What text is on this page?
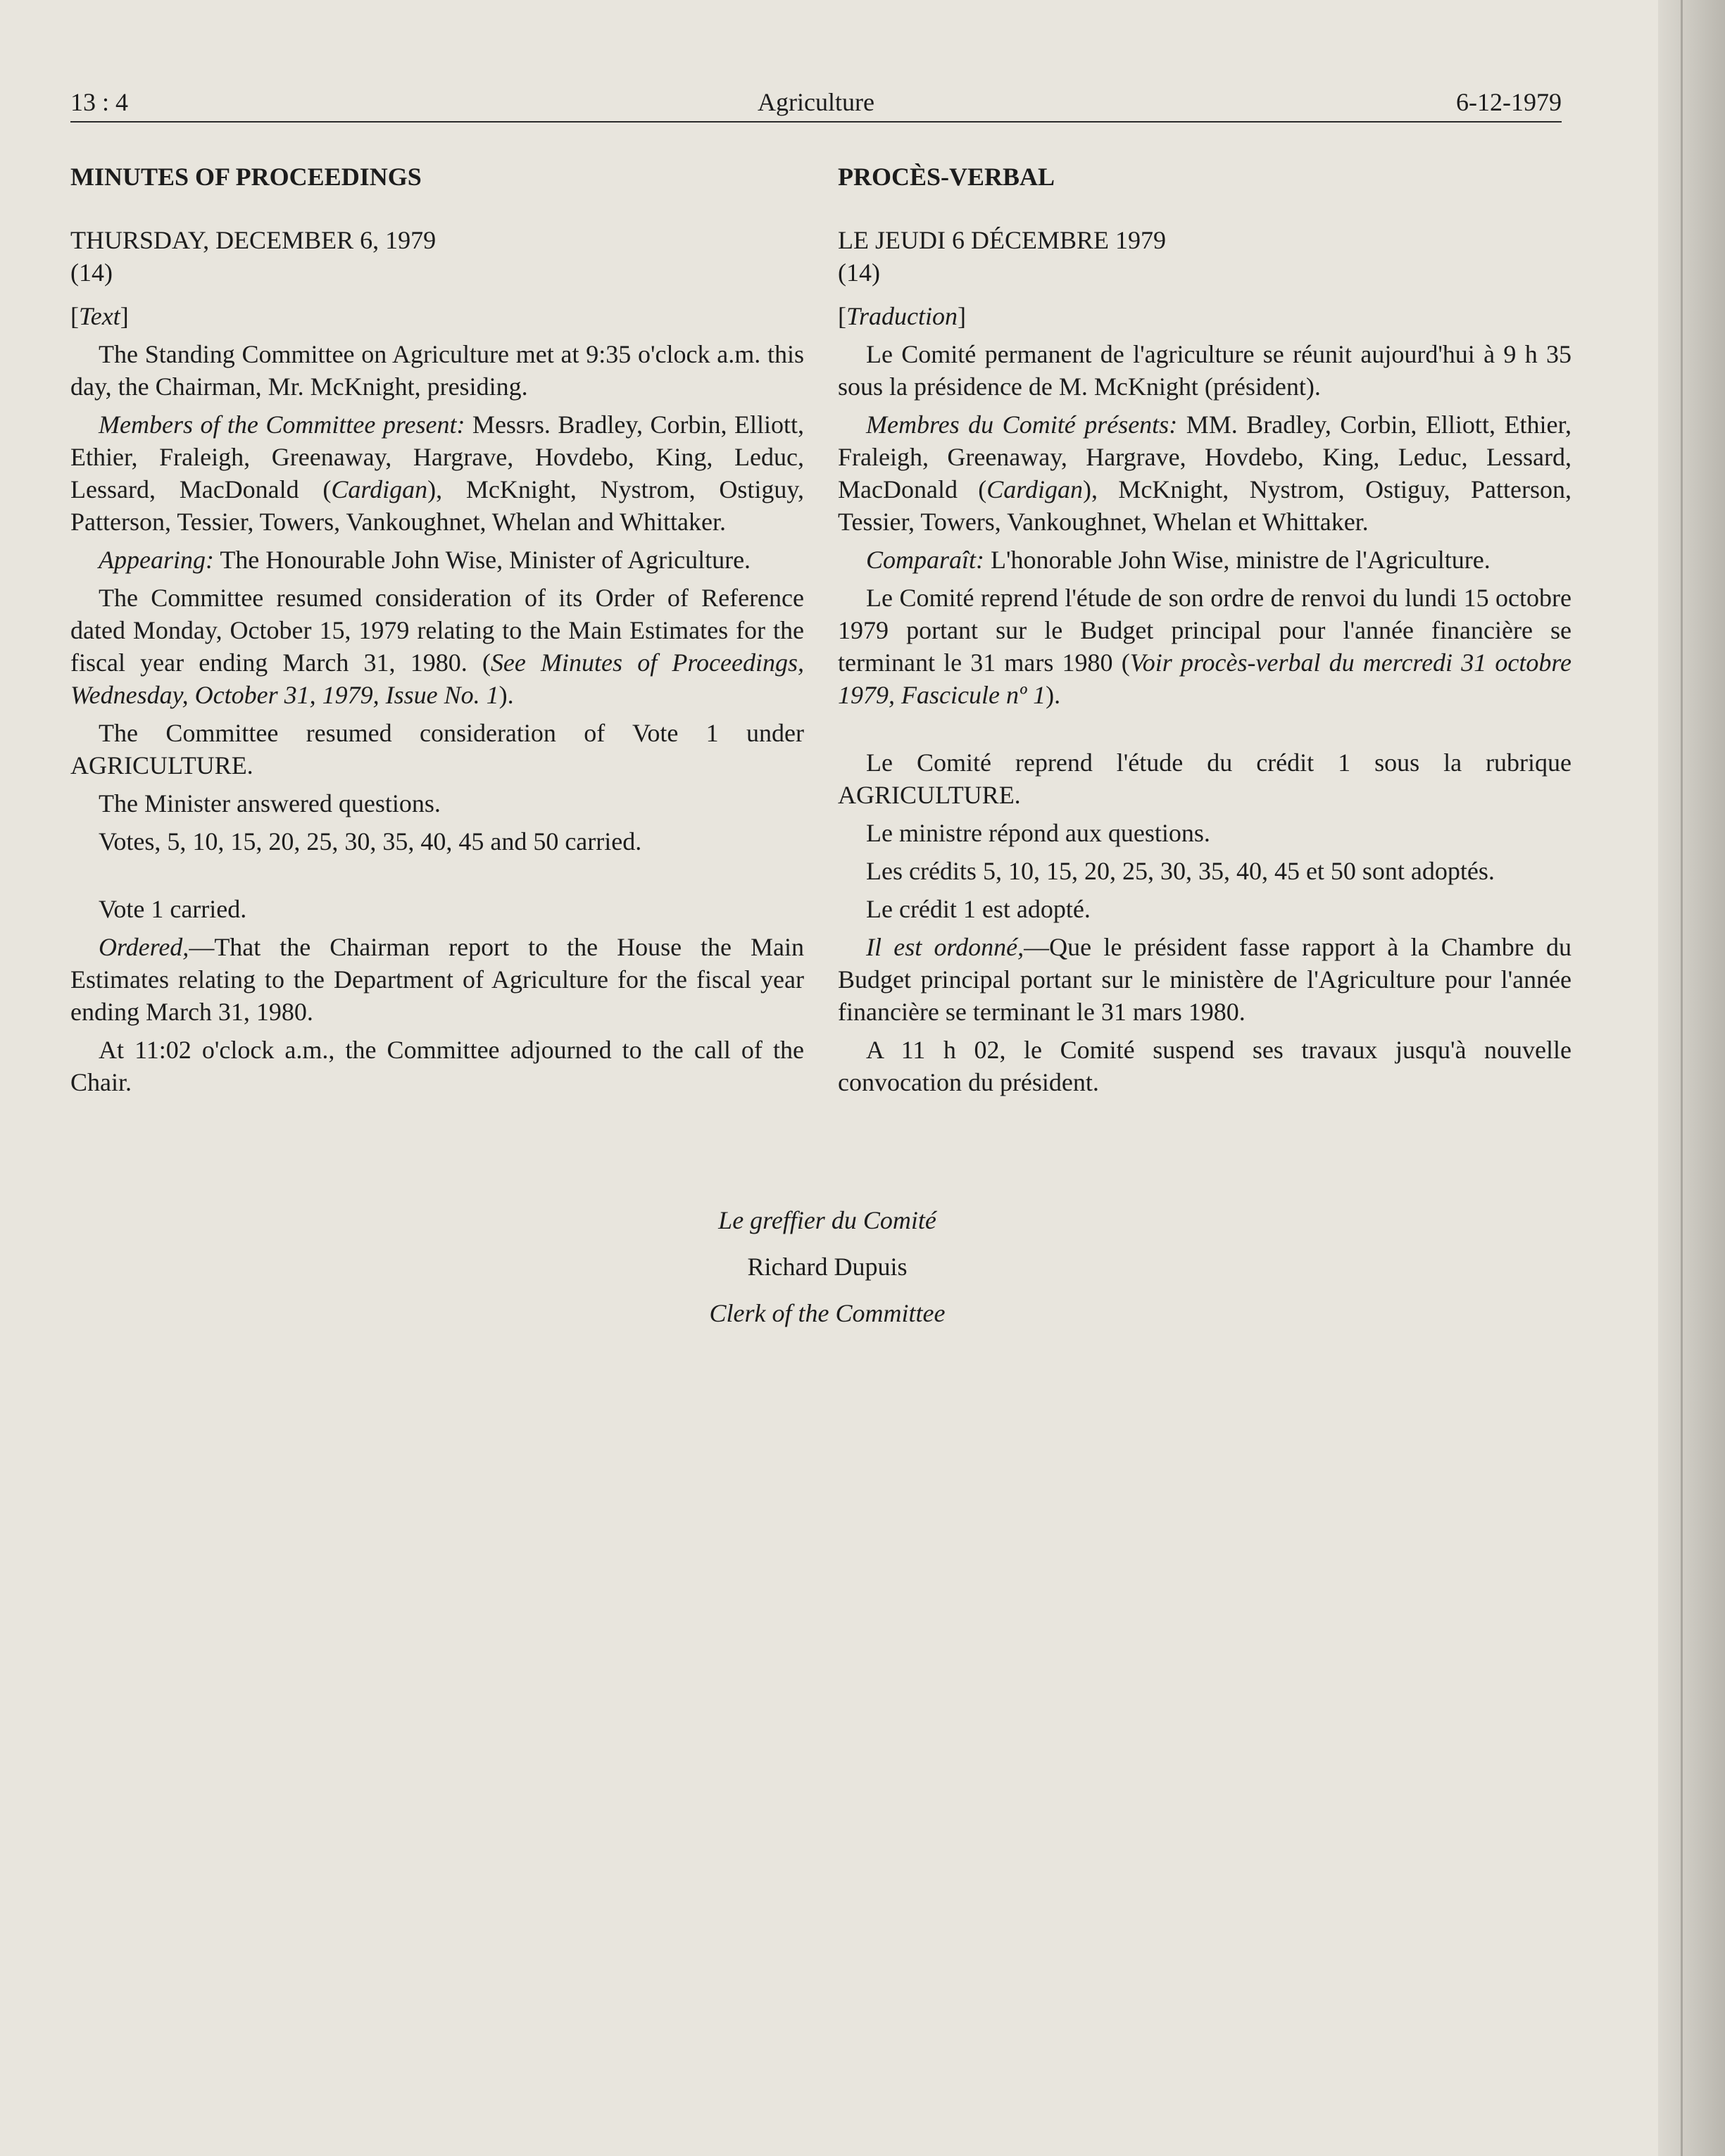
13 : 4	Agriculture	6-12-1979

MINUTES OF PROCEEDINGS

THURSDAY, DECEMBER 6, 1979

(14)

[Text]

The Standing Committee on Agriculture met at 9:35 o'clock a.m. this day, the Chairman, Mr. McKnight, presiding.

Members of the Committee present: Messrs. Bradley, Corbin, Elliott, Ethier, Fraleigh, Greenaway, Hargrave, Hovdebo, King, Leduc, Lessard, MacDonald (Cardigan), McKnight, Nystrom, Ostiguy, Patterson, Tessier, Towers, Vankoughnet, Whelan and Whittaker.

Appearing: The Honourable John Wise, Minister of Agriculture.

The Committee resumed consideration of its Order of Reference dated Monday, October 15, 1979 relating to the Main Estimates for the fiscal year ending March 31, 1980. (See Minutes of Proceedings, Wednesday, October 31, 1979, Issue No. 1).

The Committee resumed consideration of Vote 1 under AGRICULTURE.

The Minister answered questions.

Votes, 5, 10, 15, 20, 25, 30, 35, 40, 45 and 50 carried.

Vote 1 carried.

Ordered,—That the Chairman report to the House the Main Estimates relating to the Department of Agriculture for the fiscal year ending March 31, 1980.

At 11:02 o'clock a.m., the Committee adjourned to the call of the Chair.

PROCÈS-VERBAL

LE JEUDI 6 DÉCEMBRE 1979

(14)

[Traduction]

Le Comité permanent de l'agriculture se réunit aujourd'hui à 9 h 35 sous la présidence de M. McKnight (président).

Membres du Comité présents: MM. Bradley, Corbin, Elliott, Ethier, Fraleigh, Greenaway, Hargrave, Hovdebo, King, Leduc, Lessard, MacDonald (Cardigan), McKnight, Nystrom, Ostiguy, Patterson, Tessier, Towers, Vankoughnet, Whelan et Whittaker.

Comparaît: L'honorable John Wise, ministre de l'Agriculture.

Le Comité reprend l'étude de son ordre de renvoi du lundi 15 octobre 1979 portant sur le Budget principal pour l'année financière se terminant le 31 mars 1980 (Voir procès-verbal du mercredi 31 octobre 1979, Fascicule nº 1).

Le Comité reprend l'étude du crédit 1 sous la rubrique AGRICULTURE.

Le ministre répond aux questions.

Les crédits 5, 10, 15, 20, 25, 30, 35, 40, 45 et 50 sont adoptés.

Le crédit 1 est adopté.

Il est ordonné,—Que le président fasse rapport à la Chambre du Budget principal portant sur le ministère de l'Agriculture pour l'année financière se terminant le 31 mars 1980.

A 11 h 02, le Comité suspend ses travaux jusqu'à nouvelle convocation du président.

Le greffier du Comité
Richard Dupuis
Clerk of the Committee
